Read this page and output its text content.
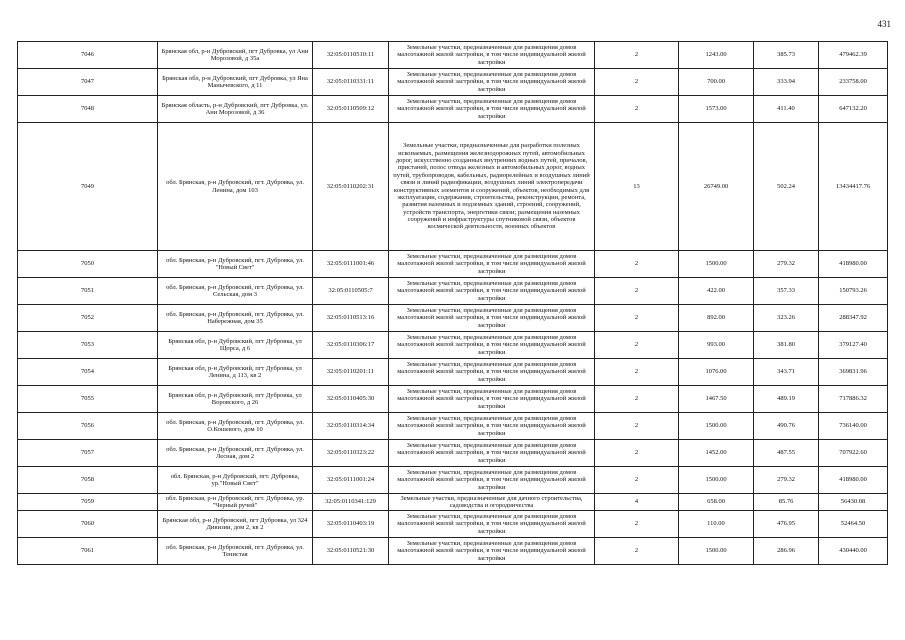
431
7046	Брянская обл, р-н Дубровский, пгт Дубровка, ул Ани Морозовой, д 35а	32:05:0110510:11	Земельные участки, предназначенные для размещения домов малоэтажной жилой застройки, в том числе индивидуальной жилой застройки	2	1243.00	385.73	479462.39
7047	Брянская обл, р-н Дубровский, пгт Дубровка, ул Яна Манычевского, д 11	32:05:0110331:11	Земельные участки, предназначенные для размещения домов малоэтажной жилой застройки, в том числе индивидуальной жилой застройки	2	700.00	333.94	233758.00
7048	Брянская область, р-н Дубровский, пгт Дубровка, ул. Ани Морозовой, д 36	32:05:0110509:12	Земельные участки, предназначенные для размещения домов малоэтажной жилой застройки, в том числе индивидуальной жилой застройки	2	1573.00	411.40	647132.20
7049	обл. Брянская, р-н Дубровский, пгт. Дубровка, ул. Ленина, дом 103	32:05:0110202:31	Земельные участки, предназначенные для разработки полезных ископаемых, размещения железнодорожных путей, автомобильных дорог, искусственно созданных внутренних водных путей, причалов, пристаней, полос отвода железных и автомобильных дорог, водных путей, трубопроводов, кабельных, радиорелейных и воздушных линий связи и линий радиофикации, воздушных линий электропередачи конструктивных элементов и сооружений, объектов, необходимых для эксплуатации, содержания, строительства, реконструкции, ремонта, развития наземных и подземных зданий, строений, сооружений, устройств транспорта, энергетики связи; размещения наземных сооружений и инфраструктуры спутниковой связи, объектов космической деятельности, военных объектов	13	26749.00	502.24	13434417.76
7050	обл. Брянская, р-н Дубровский, пгт. Дубровка, ул. "Новый Свет"	32:05:0111001:46	Земельные участки, предназначенные для размещения домов малоэтажной жилой застройки, в том числе индивидуальной жилой застройки	2	1500.00	279.32	418980.00
7051	обл. Брянская, р-н Дубровский, пгт. Дубровка, ул. Сельская, дом 3	32:05:0110505:7	Земельные участки, предназначенные для размещения домов малоэтажной жилой застройки, в том числе индивидуальной жилой застройки	2	422.00	357.33	150793.26
7052	обл. Брянская, р-н Дубровский, пгт. Дубровка, ул. Набережная, дом 35	32:05:0110513:16	Земельные участки, предназначенные для размещения домов малоэтажной жилой застройки, в том числе индивидуальной жилой застройки	2	892.00	323.26	288347.92
7053	Брянская обл, р-н Дубровский, пгт Дубровка, ул Щорса, д 6	32:05:0110306:17	Земельные участки, предназначенные для размещения домов малоэтажной жилой застройки, в том числе индивидуальной жилой застройки	2	993.00	381.80	379127.40
7054	Брянская обл, р-н Дубровский, пгт Дубровка, ул Ленина, д 113, кв 2	32:05:0110201:11	Земельные участки, предназначенные для размещения домов малоэтажной жилой застройки, в том числе индивидуальной жилой застройки	2	1076.00	343.71	369831.96
7055	Брянская обл, р-н Дубровский, пгт Дубровка, ул Воровского, д 26	32:05:0110405:30	Земельные участки, предназначенные для размещения домов малоэтажной жилой застройки, в том числе индивидуальной жилой застройки	2	1467.50	489.19	717886.32
7056	обл. Брянская, р-н Дубровский, пгт. Дубровка, ул. О.Кошевого, дом 10	32:05:0110314:34	Земельные участки, предназначенные для размещения домов малоэтажной жилой застройки, в том числе индивидуальной жилой застройки	2	1500.00	490.76	736140.00
7057	обл. Брянская, р-н Дубровский, пгт. Дубровка, ул. Лесная, дом 2	32:05:0110323:22	Земельные участки, предназначенные для размещения домов малоэтажной жилой застройки, в том числе индивидуальной жилой застройки	2	1452.00	487.55	707922.60
7058	обл. Брянская, р-н Дубровский, пгт. Дубровка, ур."Новый Свет"	32:05:0111001:24	Земельные участки, предназначенные для размещения домов малоэтажной жилой застройки, в том числе индивидуальной жилой застройки	2	1500.00	279.32	418980.00
7059	обл. Брянская, р-н Дубровский, пгт. Дубровка, ур. "Черный ручей"	32:05:0110341:129	Земельные участки, предназначенные для дачного строительства, садоводства и огородничества	4	658.00	85.76	56430.08
7060	Брянская обл, р-н Дубровский, пгт Дубровка, ул 324 Дивизии, дом 2, кв 2	32:05:0110403:19	Земельные участки, предназначенные для размещения домов малоэтажной жилой застройки, в том числе индивидуальной жилой застройки	2	110.00	476.95	52464.50
7061	обл. Брянская, р-н Дубровский, пгт. Дубровка, ул. Тенистая	32:05:0110521:30	Земельные участки, предназначенные для размещения домов малоэтажной жилой застройки, в том числе индивидуальной жилой застройки	2	1500.00	286.96	430440.00
